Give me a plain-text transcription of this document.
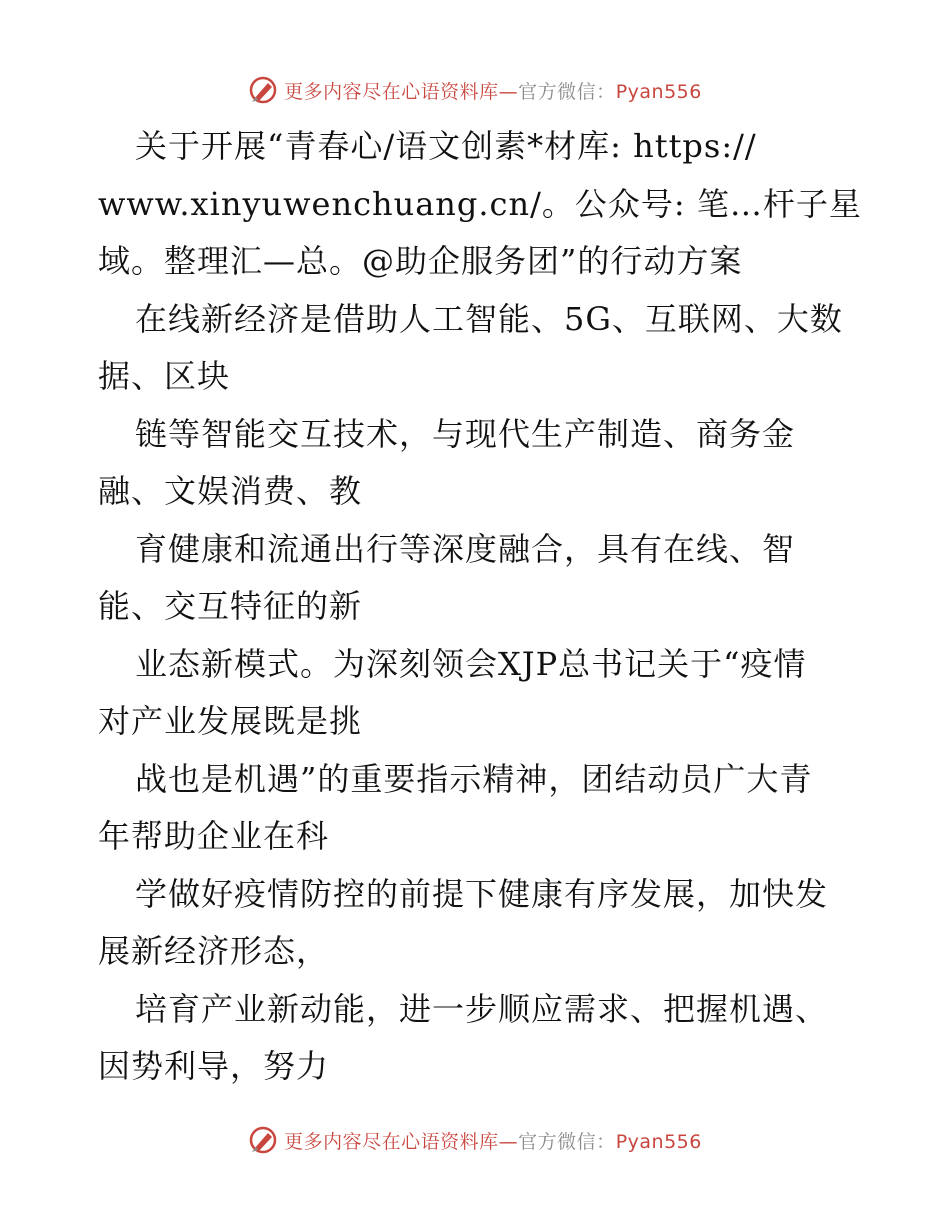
更多内容尽在心语资料库—官方微信：Pyan556
关于开展“青春心/语文创素*材库: https://
www.xinyuwenchuang.cn/。公众号: 笔…杆子星
域。整理汇—总。@助企服务团”的行动方案
在线新经济是借助人工智能、5G、互联网、大数
据、区块
链等智能交互技术，与现代生产制造、商务金
融、文娱消费、教
育健康和流通出行等深度融合，具有在线、智
能、交互特征的新
业态新模式。为深刻领会XJP总书记关于“疫情
对产业发展既是挑
战也是机遇”的重要指示精神，团结动员广大青
年帮助企业在科
学做好疫情防控的前提下健康有序发展，加快发
展新经济形态，
培育产业新动能，进一步顺应需求、把握机遇、
因势利导，努力
更多内容尽在心语资料库—官方微信：Pyan556
